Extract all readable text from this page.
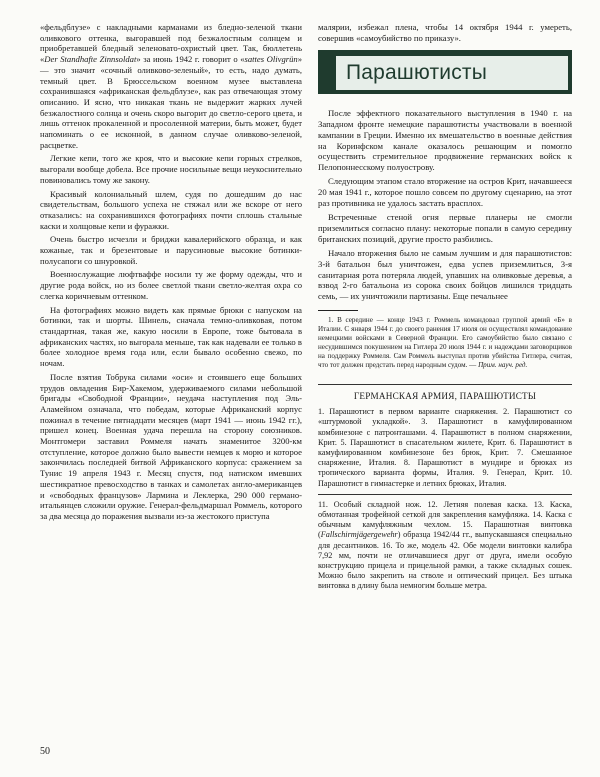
«фельдблузе» с накладными карманами из бледно-зеленой ткани оливкового оттенка, выгоравшей под безжалостным солнцем и приобретавшей бледный зеленовато-охристый цвет. Так, бюллетень «Der Standhafte Zinnsoldat» за июнь 1942 г. говорит о «sattes Olivgrün» — это значит «сочный оливково-зеленый», то есть, надо думать, темный цвет. В Брюссельском военном музее выставлена сохранившаяся «африканская фельдблузе», как раз отвечающая этому описанию. И ясно, что никакая ткань не выдержит жарких лучей безжалостного солнца и очень скоро выгорит до светло-серого цвета, и лишь оттенок прокаленной и просоленной материи, быть может, будет напоминать о ее исконной, в данном случае оливково-зеленой, расцветке.

Легкие кепи, того же кроя, что и высокие кепи горных стрелков, выгорали вообще добела. Все прочие носильные вещи неукоснительно повиновались тому же закону.

Красивый колониальный шлем, судя по дошедшим до нас свидетельствам, большого успеха не стяжал или же вскоре от него отказались: на сохранившихся фотографиях почти сплошь стальные каски и холщовые кепи и фуражки.

Очень быстро исчезли и бриджи кавалерийского образца, и как кожаные, так и брезентовые и парусиновые высокие ботинки-полусапоги со шнуровкой.

Военнослужащие люфтваффе носили ту же форму одежды, что и другие рода войск, но из более светлой ткани светло-желтая охра со слегка коричневым оттенком.

На фотографиях можно видеть как прямые брюки с напуском на ботинки, так и шорты. Шинель, сначала темно-оливковая, потом стандартная, такая же, какую носили в Европе, тоже бытовала в африканских частях, но выгорала меньше, так как надевали ее только в более холодное время года или, если бывало особенно свежо, по ночам.

После взятия Тобрука силами «оси» и стоившего еще больших трудов овладения Бир-Хакемом, удерживаемого силами небольшой бригады «Свободной Франции», неудача наступления под Эль-Аламейном означала, что победам, которые Африканский корпус пожинал в течение пятнадцати месяцев (март 1941 — июнь 1942 гг.), пришел конец. Военная удача перешла на сторону союзников. Монтгомери заставил Роммеля начать знаменитое 3200-км отступление, которое должно было вывести немцев к морю и которое закончилась последней битвой Африканского корпуса: сражением за Тунис 19 апреля 1943 г. Месяц спустя, под натиском имевших шестикратное превосходство в танках и самолетах англо-американцев и «свободных французов» Лармина и Леклерка, 290 000 германо-итальянцев сложили оружие. Генерал-фельдмаршал Роммель, которого за два месяца до поражения вызвали из-за жестокого приступа

малярии, избежал плена, чтобы 14 октября 1944 г. умереть, совершив «самоубийство по приказу».

Парашютисты

После эффектного показательного выступления в 1940 г. на Западном фронте немецкие парашютисты участвовали в военной кампании в Греции. Именно их вмешательство в военные действия на Коринфском канале оказалось решающим и помогло осуществить стремительное продвижение германских войск к Пелопоннесскому полуострову.

Следующим этапом стало вторжение на остров Крит, начавшееся 20 мая 1941 г., которое пошло совсем по другому сценарию, на этот раз противника не удалось застать врасплох.

Встреченные стеной огня первые планеры не смогли приземлиться согласно плану: некоторые попали в самую середину британских позиций, другие просто разбились.

Начало вторжения было не самым лучшим и для парашютистов: 3-й батальон был уничтожен, едва успев приземлиться, 3-я санитарная рота потеряла людей, упавших на оливковые деревья, а взвод 2-го батальона из сорока своих бойцов лишился тридцать семь, — их уничтожили партизаны. Еще печальнее

1. В середине — конце 1943 г. Роммель командовал группой армий «Б» в Италии. С января 1944 г. до своего ранения 17 июля он осуществлял командование немецкими войсками в Северной Франции. Его самоубийство было связано с несудившимся покушением на Гитлера 20 июля 1944 г. и надеждами заговорщиков на поддержку Роммеля. Сам Роммель выступал против убийства Гитлера, считая, что тот должен предстать перед народным судом. — Прим. науч. ред.

ГЕРМАНСКАЯ АРМИЯ, ПАРАШЮТИСТЫ

1. Парашютист в первом варианте снаряжения. 2. Парашютист со «штурмовой укладкой». 3. Парашютист в камуфлированном комбинезоне с патронташами. 4. Парашютист в полном снаряжении, Крит. 5. Парашютист в спасательном жилете, Крит. 6. Парашютист в камуфлированном комбинезоне без брюк, Крит. 7. Смешанное снаряжение, Италия. 8. Парашютист в мундире и брюках из тропического варианта формы, Италия. 9. Генерал, Крит. 10. Парашютист в гимнастерке и летних брюках, Италия.

11. Особый складной нож. 12. Летняя полевая каска. 13. Каска, обмотанная трофейной сеткой для закрепления камуфляжа. 14. Каска с обычным камуфляжным чехлом. 15. Парашютная винтовка (Fallschirmjägergewehr) образца 1942/44 гг., выпускавшаяся специально для десантников. 16. То же, модель 42. Обе модели винтовки калибра 7,92 мм, почти не отличавшиеся друг от друга, имели особую конструкцию прицела и прицельной рамки, а также складных сошек. Можно было закрепить на стволе и оптический прицел. Без штыка винтовка в длину была немногим больше метра.

50
